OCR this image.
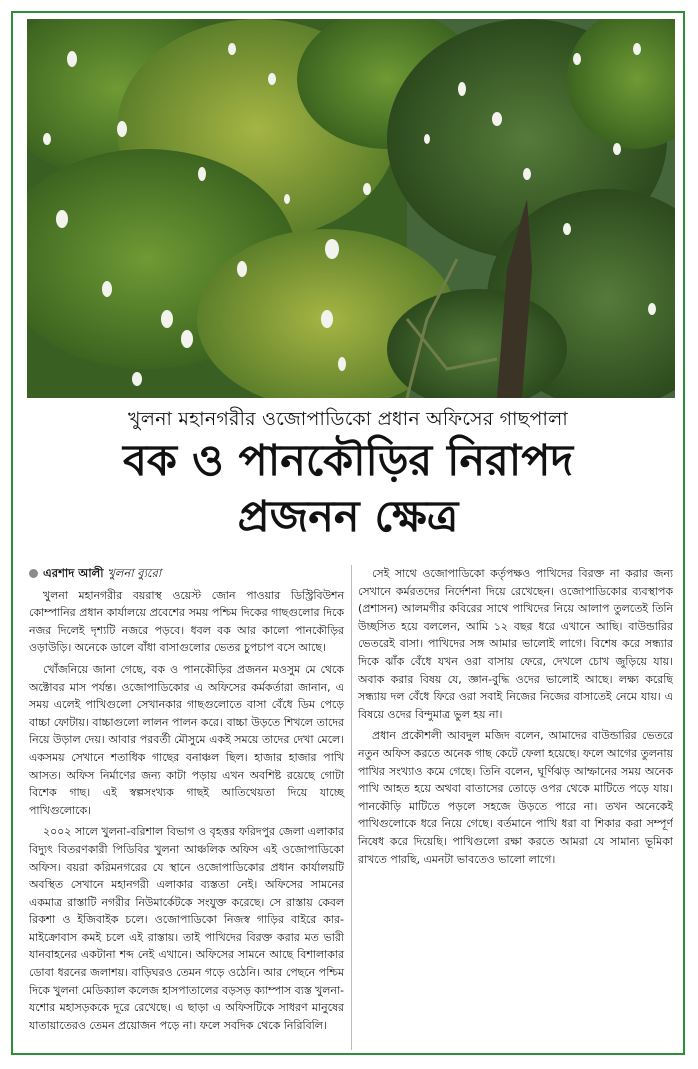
খুলনা মহানগরীর ওজোপাডিকো প্রধান অফিসের গাছপালা
বক ও পানকৌড়ির নিরাপদ
প্রজনন ক্ষেত্র

এরশাদ আলী খুলনা ব্যুরো

খুলনা মহানগরীর বয়রাস্থ ওয়েস্ট জোন পাওয়ার ডিস্ট্রিবিউশন কোম্পানির প্রধান কার্যালয়ে প্রবেশের সময় পশ্চিম দিকের গাছগুলোর দিকে নজর দিলেই দৃশ্যটি নজরে পড়বে। ধবল বক আর কালো পানকৌড়ির ওড়াউড়ি। অনেকে ডালে বাঁধা বাসাগুলোর ভেতর চুপচাপ বসে আছে।

খোঁজনিয়ে জানা গেছে, বক ও পানকৌড়ির প্রজনন মওসুম মে থেকে অক্টোবর মাস পর্যন্ত। ওজোপাডিকোর এ অফিসের কর্মকর্তারা জানান, এ সময় এলেই পাখিগুলো সেখানকার গাছগুলোতে বাসা বেঁধে ডিম পেড়ে বাচ্চা ফোটায়। বাচ্চাগুলো লালন পালন করে। বাচ্চা উড়তে শিখলে তাদের নিয়ে উড়াল দেয়। আবার পরবর্তী মৌসুমে একই সময়ে তাদের দেখা মেলে। একসময় সেখানে শতাধিক গাছের বনাঞ্চল ছিল। হাজার হাজার পাখি আসত। অফিস নির্মাণের জন্য কাটা পড়ায় এখন অবশিষ্ট রয়েছে গোটা বিশেক গাছ। এই স্বল্পসংখ্যক গাছই আতিথেয়তা দিয়ে যাচ্ছে পাখিগুলোকে।

২০০২ সালে খুলনা-বরিশাল বিভাগ ও বৃহত্তর ফরিদপুর জেলা এলাকার বিদ্যুৎ বিতরণকারী পিডিবির খুলনা আঞ্চলিক অফিস এই ওজোপাডিকো অফিস। বয়রা করিমনগরের যে স্থানে ওজোপাডিকোর প্রধান কার্যালয়টি অবস্থিত সেখানে মহানগরী এলাকার ব্যস্ততা নেই। অফিসের সামনের একমাত্র রাস্তাটি নগরীর নিউমার্কেটকে সংযুক্ত করেছে। সে রাস্তায় কেবল রিকশা ও ইজিবাইক চলে। ওজোপাডিকো নিজস্ব গাড়ির বাইরে কার-মাইক্রোবাস কমই চলে এই রাস্তায়। তাই পাখিদের বিরক্ত করার মত ভারী যানবাহনের একটানা শব্দ নেই এখানে। অফিসের সামনে আছে বিশালাকার ডোবা ধরনের জলাশয়। বাড়িঘরও তেমন গড়ে ওঠেনি। আর পেছনে পশ্চিম দিকে খুলনা মেডিক্যাল কলেজ হাসপাতালের বড়সড় ক্যাম্পাস ব্যস্ত খুলনা-যশোর মহাসড়ককে দূরে রেখেছে। এ ছাড়া এ অফিসটিকে সাধরণ মানুষের যাতায়াতেরও তেমন প্রয়োজন পড়ে না। ফলে সবদিক থেকে নিরিবিলি।

সেই সাথে ওজোপাডিকো কর্তৃপক্ষও পাখিদের বিরক্ত না করার জন্য সেখানে কর্মরতদের নির্দেশনা দিয়ে রেখেছেন। ওজোপাডিকোর ব্যবস্থাপক (প্রশাসন) আলমগীর কবিরের সাথে পাখিদের নিয়ে আলাপ তুলতেই তিনি উচ্ছসিত হয়ে বললেন, আমি ১২ বছর ধরে এখানে আছি। বাউন্ডারির ভেতরেই বাসা। পাখিদের সঙ্গ আমার ভালোই লাগে। বিশেষ করে সন্ধ্যার দিকে ঝাঁক বেঁধে যখন ওরা বাসায় ফেরে, দেখলে চোখ জুড়িয়ে যায়। অবাক করার বিষয় যে, জ্ঞান-বুদ্ধি ওদের ভালোই আছে। লক্ষ্য করেছি সন্ধ্যায় দল বেঁধে ফিরে ওরা সবাই নিজের নিজের বাসাতেই নেমে যায়। এ বিষয়ে ওদের বিন্দুমাত্র ভুল হয় না।

প্রধান প্রকৌশলী আবদুল মজিদ বলেন, আমাদের বাউন্ডারির ভেতরে নতুন অফিস করতে অনেক গাছ কেটে ফেলা হয়েছে। ফলে আগের তুলনায় পাখির সংখ্যাও কমে গেছে। তিনি বলেন, ঘূর্ণিঝড় আম্ফানের সময় অনেক পাখি আহত হয়ে অথবা বাতাসের তোড়ে ওপর থেকে মাটিতে পড়ে যায়। পানকৌড়ি মাটিতে পড়লে সহজে উড়তে পারে না। তখন অনেকেই পাখিগুলোকে ধরে নিয়ে গেছে। বর্তমানে পাখি ধরা বা শিকার করা সম্পূর্ণ নিষেধ করে দিয়েছি। পাখিগুলো রক্ষা করতে আমরা যে সামান্য ভূমিকা রাখতে পারছি, এমনটা ভাবতেও ভালো লাগে।
